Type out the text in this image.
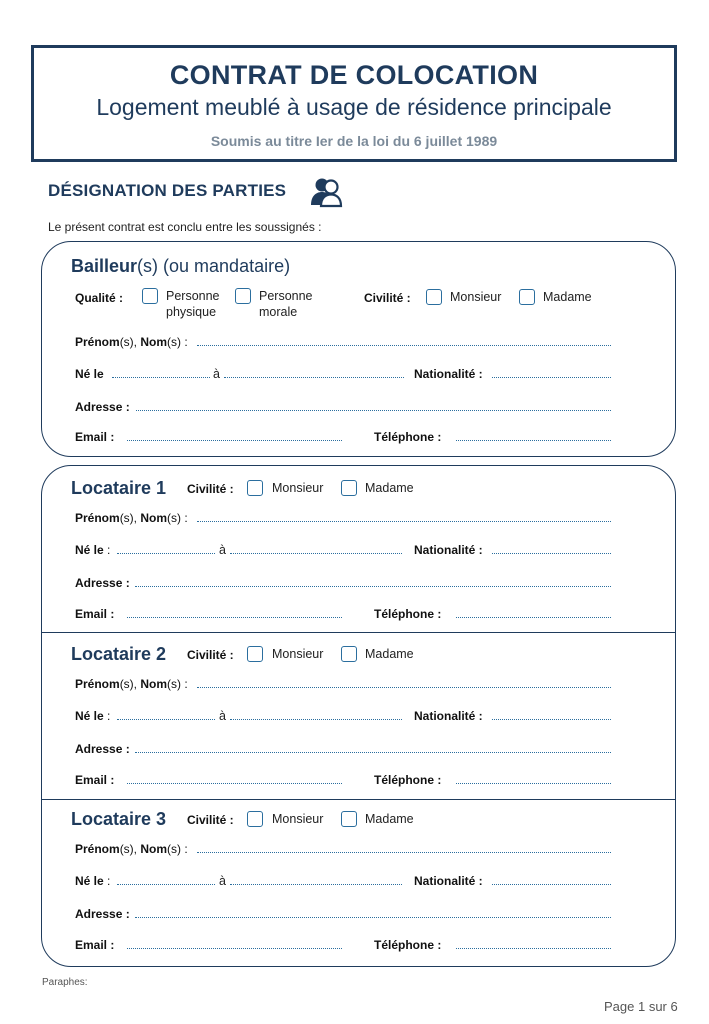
CONTRAT DE COLOCATION
Logement meublé à usage de résidence principale
Soumis au titre Ier de la loi du 6 juillet 1989
DÉSIGNATION DES PARTIES
Le présent contrat est conclu entre les soussignés :
Bailleur(s) (ou mandataire)
Qualité :	Personne
physique
Personne
morale
Civilité :	Monsieur	Madame
Prénom(s), Nom(s) :
Né le	à	Nationalité :
Adresse :
Email :	Téléphone :
Locataire 1 Civilité :	Monsieur	Madame
Prénom(s), Nom(s) :
Né le :	à	Nationalité :
Adresse :
Email :	Téléphone :
Locataire 2 Civilité :	Monsieur	Madame
Prénom(s), Nom(s) :
Né le :	à	Nationalité :
Adresse :
Email :	Téléphone :
Locataire 3 Civilité :	Monsieur	Madame
Prénom(s), Nom(s) :
Né le :	à	Nationalité :
Adresse :
Email :	Téléphone :
Paraphes:
Page 1 sur 6
